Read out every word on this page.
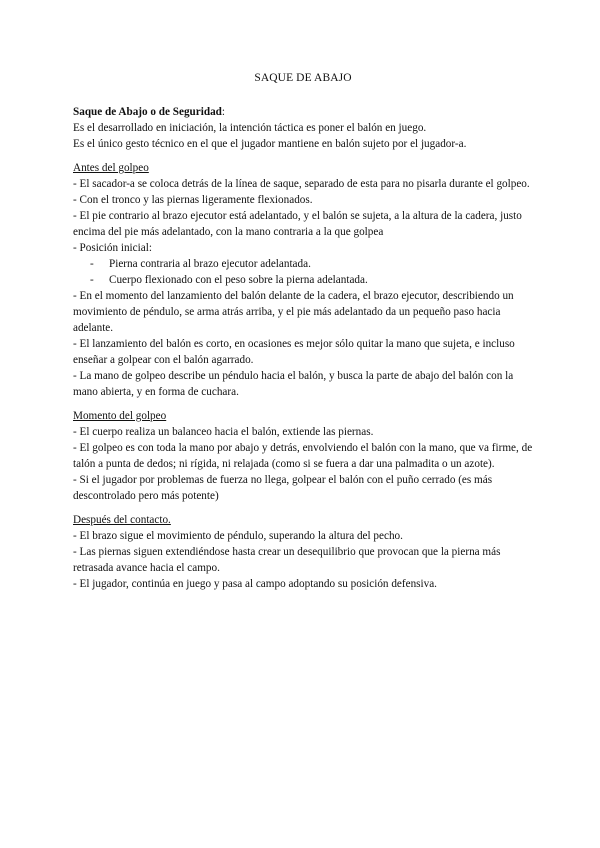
SAQUE DE ABAJO

Saque de Abajo o de Seguridad:

Es el desarrollado en iniciación, la intención táctica es poner el balón en juego.

Es el único gesto técnico en el que el jugador mantiene en balón sujeto por el jugador-a.

Antes del golpeo

- El sacador-a se coloca detrás de la línea de saque, separado de esta para no pisarla durante el golpeo.

- Con el tronco y las piernas ligeramente flexionados.

- El pie contrario al brazo ejecutor está adelantado, y el balón se sujeta, a la altura de la cadera, justo encima del pie más adelantado, con la mano contraria a la que golpea

- Posición inicial:

- Pierna contraria al brazo ejecutor adelantada.
- Cuerpo flexionado con el peso sobre la pierna adelantada.

- En el momento del lanzamiento del balón delante de la cadera, el brazo ejecutor, describiendo un movimiento de péndulo, se arma atrás arriba, y el pie más adelantado da un pequeño paso hacia adelante.

- El lanzamiento del balón es corto, en ocasiones es mejor sólo quitar la mano que sujeta, e incluso enseñar a golpear con el balón agarrado.

- La mano de golpeo describe un péndulo hacia el balón, y busca la parte de abajo del balón con la mano abierta, y en forma de cuchara.

Momento del golpeo

- El cuerpo realiza un balanceo hacia el balón, extiende las piernas.

- El golpeo es con toda la mano por abajo y detrás, envolviendo el balón con la mano, que va firme, de talón a punta de dedos; ni rígida, ni relajada (como si se fuera a dar una palmadita o un azote).

- Si el jugador por problemas de fuerza no llega, golpear el balón con el puño cerrado (es más descontrolado pero más potente)

Después del contacto.

- El brazo sigue el movimiento de péndulo, superando la altura del pecho.

- Las piernas siguen extendiéndose hasta crear un desequilibrio que provocan que la pierna más retrasada avance hacia el campo.

- El jugador, continúa en juego y pasa al campo adoptando su posición defensiva.
